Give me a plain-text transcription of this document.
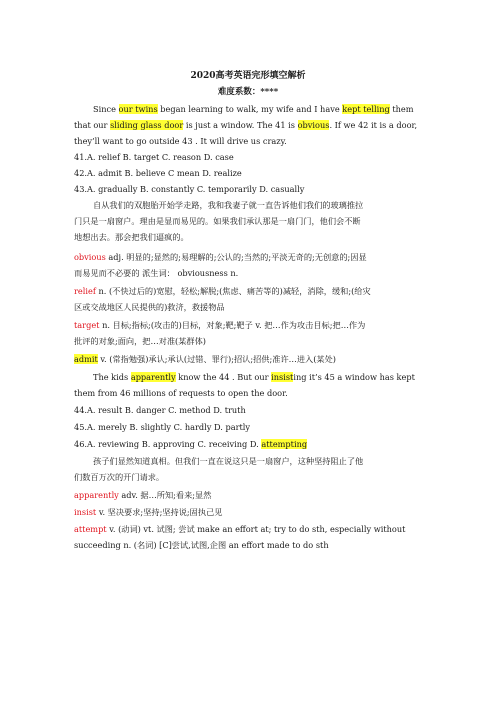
2020高考英语完形填空解析
难度系数：****
Since our twins began learning to walk, my wife and I have kept telling them
that our sliding glass door is just a window. The 41 is obvious. If we 42 it is a door,
they’ll want to go outside 43 . It will drive us crazy.
41.A. relief B. target C. reason D. case
42.A. admit B. believe C mean D. realize
43.A. gradually B. constantly C. temporarily D. casually
自从我们的双胞胎开始学走路，我和我妻子就一直告诉他们我们的玻璃推拉
门只是一扇窗户。理由是显而易见的。如果我们承认那是一扇门门，他们会不断
地想出去。那会把我们逼疯的。
obvious adj. 明显的;显然的;易理解的;公认的;当然的;平淡无奇的;无创意的;因显
而易见而不必要的 派生词： obviousness n.
relief n. (不快过后的)宽慰，轻松;解脱;(焦虑、痛苦等的)减轻，消除，缓和;(给灾
区或交战地区人民提供的)救济，救援物品
target n. 目标;指标;(攻击的)目标，对象;靶;靶子 v. 把…作为攻击目标;把…作为
批评的对象;面向，把…对准(某群体)
admit v. (常指勉强)承认;承认(过错、罪行);招认;招供;准许…进入(某处)
The kids apparently know the 44 . But our insisting it’s 45 a window has kept
them from 46 millions of requests to open the door.
44.A. result B. danger C. method D. truth
45.A. merely B. slightly C. hardly D. partly
46.A. reviewing B. approving C. receiving D. attempting
孩子们显然知道真相。但我们一直在说这只是一扇窗户，这种坚持阻止了他
们数百万次的开门请求。
apparently adv. 据…所知;看来;显然
insist v. 坚决要求;坚持;坚持说;固执己见
attempt v. (动词) vt. 试图; 尝试 make an effort at; try to do sth, especially without
succeeding n. (名词) [C]尝试,试图,企图 an effort made to do sth
